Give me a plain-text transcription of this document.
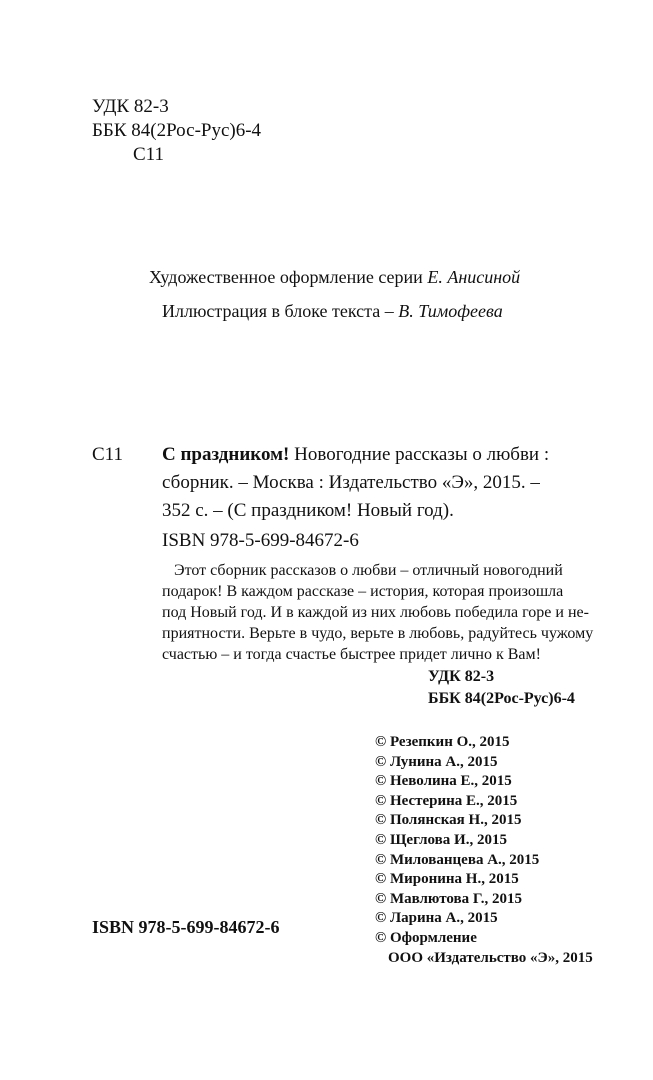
УДК 82-3
ББК 84(2Рос-Рус)6-4
С11
Художественное оформление серии Е. Анисиной
Иллюстрация в блоке текста – В. Тимофеева
С11 С праздником! Новогодние рассказы о любви :
сборник. – Москва : Издательство «Э», 2015. –
352 с. – (С праздником! Новый год).
ISBN 978-5-699-84672-6
Этот сборник рассказов о любви – отличный новогодний
подарок! В каждом рассказе – история, которая произошла
под Новый год. И в каждой из них любовь победила горе и не-
приятности. Верьте в чудо, верьте в любовь, радуйтесь чужому
счастью – и тогда счастье быстрее придет лично к Вам!
УДК 82-3
ББК 84(2Рос-Рус)6-4
© Резепкин О., 2015
© Лунина А., 2015
© Неволина Е., 2015
© Нестерина Е., 2015
© Полянская Н., 2015
© Щеглова И., 2015
© Милованцева А., 2015
© Миронина Н., 2015
© Мавлютова Г., 2015
© Ларина А., 2015
© Оформление
ООО «Издательство «Э», 2015
ISBN 978-5-699-84672-6
